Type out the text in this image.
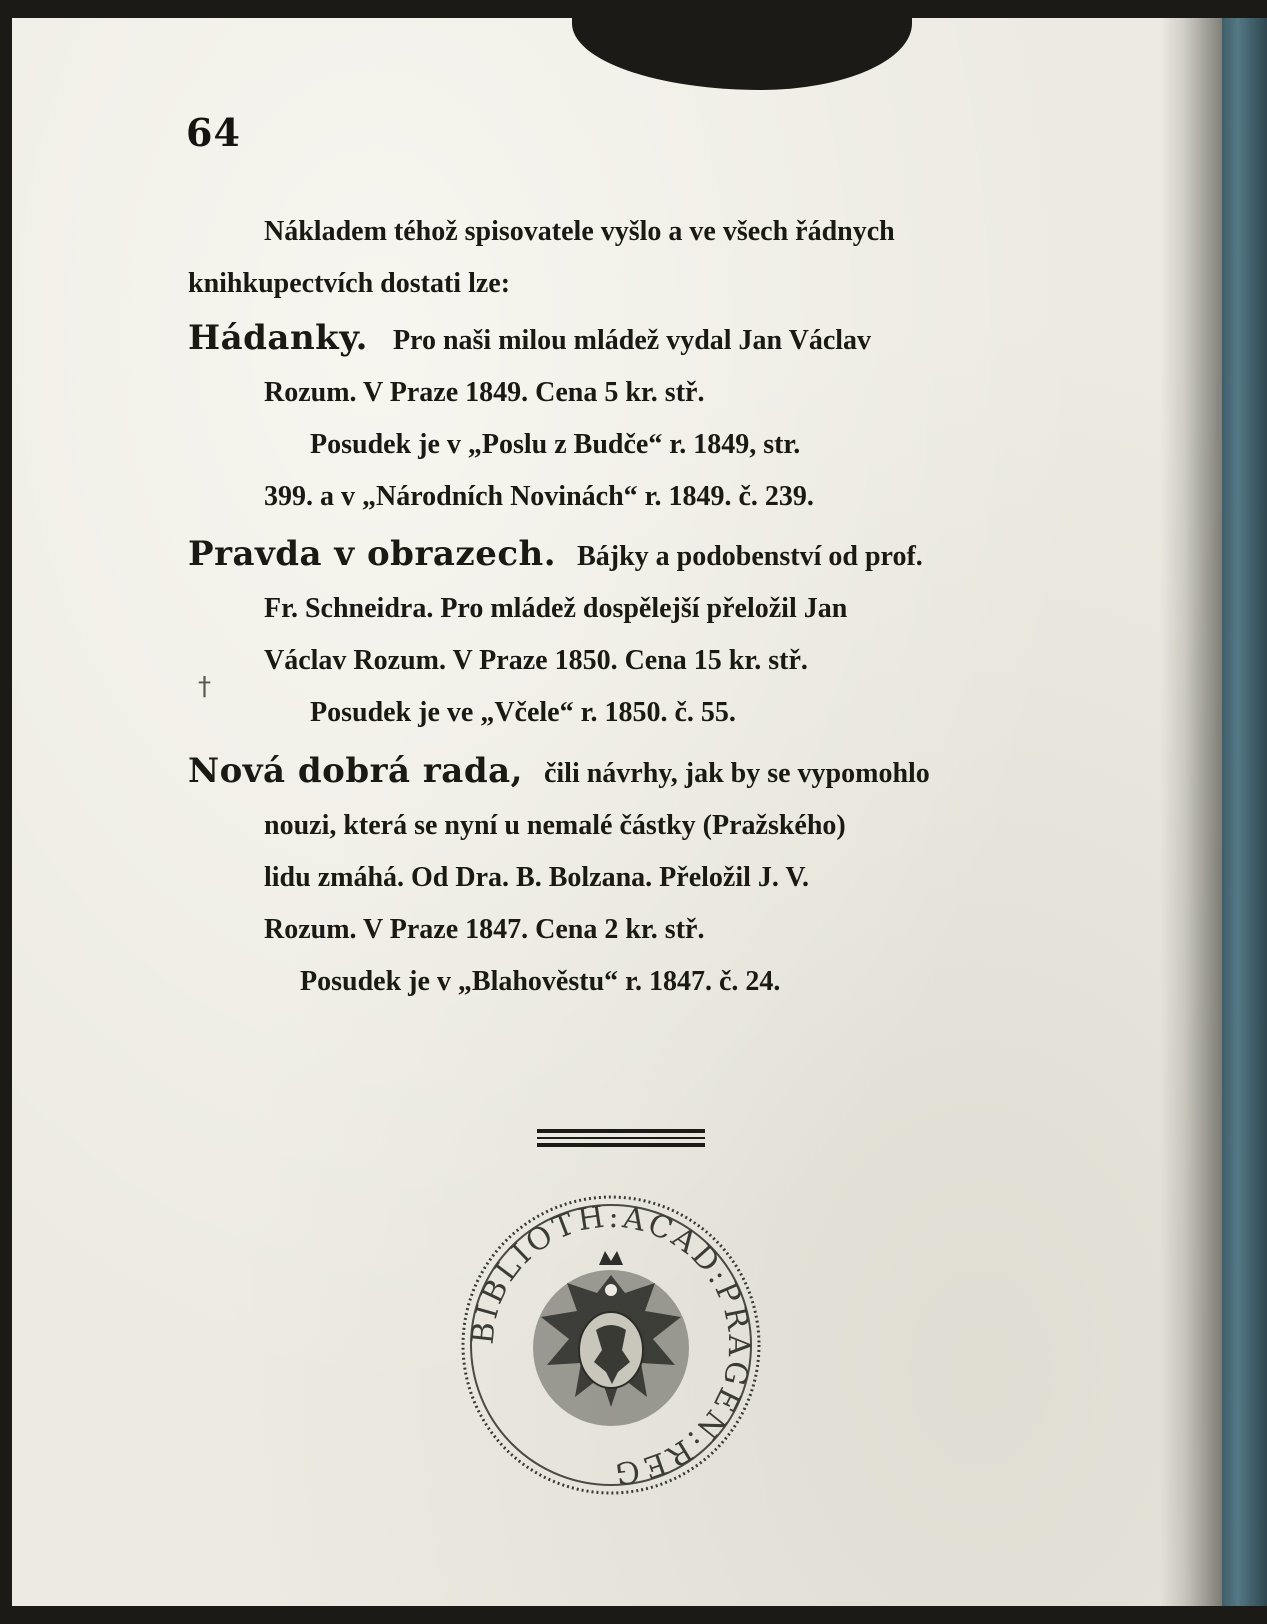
64
Nákladem téhož spisovatele vyšlo a ve všech řádnych
knihkupectvích dostati lze:
Hádanky. Pro naši milou mládež vydal Jan Václav
Rozum. V Praze 1849. Cena 5 kr. stř.
Posudek je v „Poslu z Budče“ r. 1849, str.
399. a v „Národních Novinách“ r. 1849. č. 239.
Pravda v obrazech. Bájky a podobenství od prof.
Fr. Schneidra. Pro mládež dospělejší přeložil Jan
Václav Rozum. V Praze 1850. Cena 15 kr. stř.
Posudek je ve „Včele“ r. 1850. č. 55.
†
Nová dobrá rada, čili návrhy, jak by se vypomohlo
nouzi, která se nyní u nemalé částky (Pražského)
lidu zmáhá. Od Dra. B. Bolzana. Přeložil J. V.
Rozum. V Praze 1847. Cena 2 kr. stř.
Posudek je v „Blahověstu“ r. 1847. č. 24.
BIBLIOTH:ACAD:PRAGEN:REG
